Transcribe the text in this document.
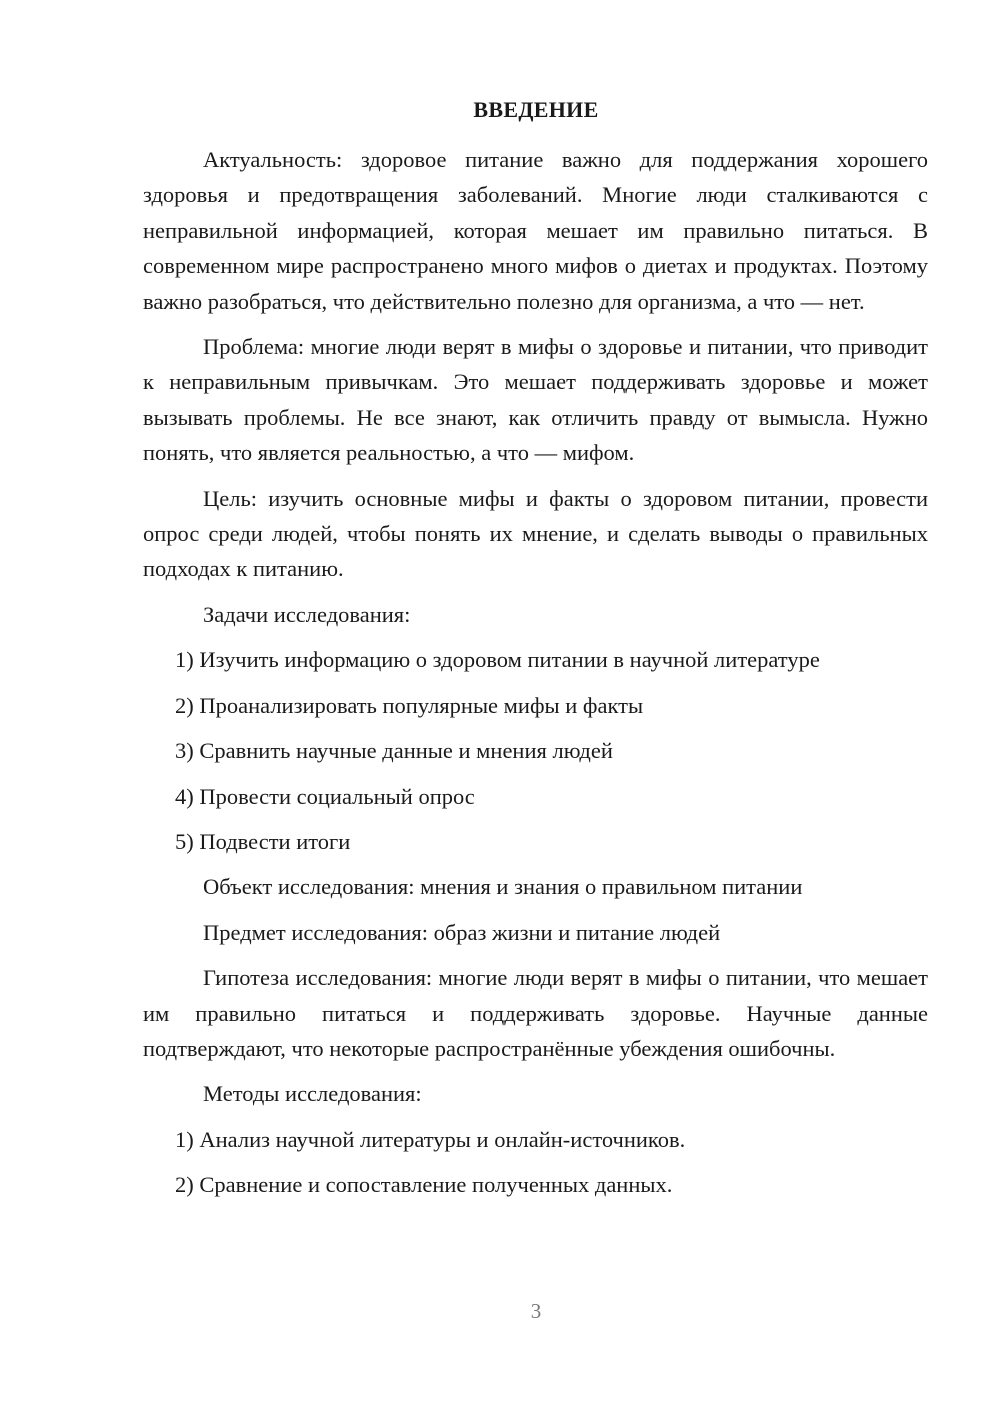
ВВЕДЕНИЕ

Актуальность: здоровое питание важно для поддержания хорошего здоровья и предотвращения заболеваний. Многие люди сталкиваются с неправильной информацией, которая мешает им правильно питаться. В современном мире распространено много мифов о диетах и продуктах. Поэтому важно разобраться, что действительно полезно для организма, а что — нет.

Проблема: многие люди верят в мифы о здоровье и питании, что приводит к неправильным привычкам. Это мешает поддерживать здоровье и может вызывать проблемы. Не все знают, как отличить правду от вымысла. Нужно понять, что является реальностью, а что — мифом.

Цель: изучить основные мифы и факты о здоровом питании, провести опрос среди людей, чтобы понять их мнение, и сделать выводы о правильных подходах к питанию.

Задачи исследования:

1) Изучить информацию о здоровом питании в научной литературе

2) Проанализировать популярные мифы и факты

3) Сравнить научные данные и мнения людей

4) Провести социальный опрос

5) Подвести итоги

Объект исследования: мнения и знания о правильном питании

Предмет исследования: образ жизни и питание людей

Гипотеза исследования: многие люди верят в мифы о питании, что мешает им правильно питаться и поддерживать здоровье. Научные данные подтверждают, что некоторые распространённые убеждения ошибочны.

Методы исследования:

1) Анализ научной литературы и онлайн-источников.

2) Сравнение и сопоставление полученных данных.

3
